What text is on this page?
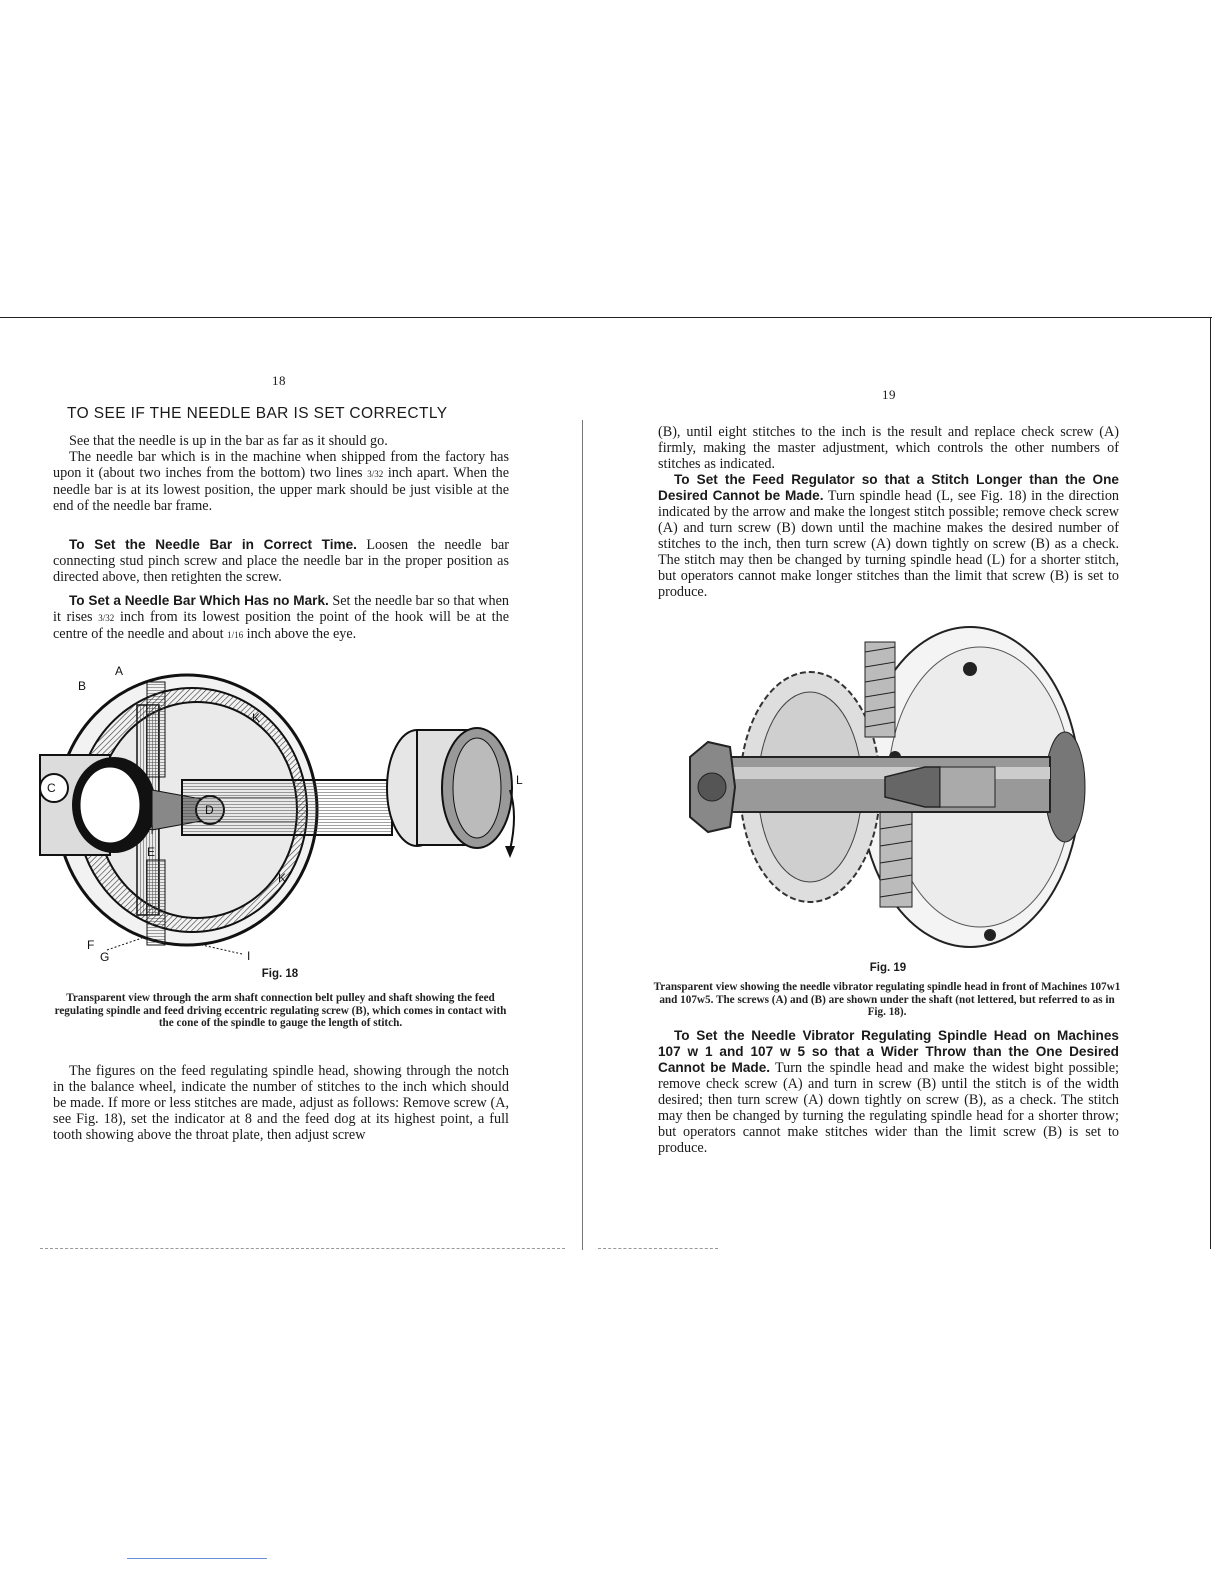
18
TO SEE IF THE NEEDLE BAR IS SET CORRECTLY

See that the needle is up in the bar as far as it should go.

The needle bar which is in the machine when shipped from the factory has upon it (about two inches from the bottom) two lines 3/32 inch apart. When the needle bar is at its lowest position, the upper mark should be just visible at the end of the needle bar frame.

To Set the Needle Bar in Correct Time. Loosen the needle bar connecting stud pinch screw and place the needle bar in the proper position as directed above, then retighten the screw.

To Set a Needle Bar Which Has no Mark. Set the needle bar so that when it rises 3/32 inch from its lowest position the point of the hook will be at the centre of the needle and about 1/16 inch above the eye.

A
B
C
D
E
F
G
H
I
K
K
L
Fig. 18
Transparent view through the arm shaft connection belt pulley and shaft showing the feed regulating spindle and feed driving eccentric regulating screw (B), which comes in contact with the cone of the spindle to gauge the length of stitch.

The figures on the feed regulating spindle head, showing through the notch in the balance wheel, indicate the number of stitches to the inch which should be made. If more or less stitches are made, adjust as follows: Remove screw (A, see Fig. 18), set the indicator at 8 and the feed dog at its highest point, a full tooth showing above the throat plate, then adjust screw

19

(B), until eight stitches to the inch is the result and replace check screw (A) firmly, making the master adjustment, which controls the other numbers of stitches as indicated.

To Set the Feed Regulator so that a Stitch Longer than the One Desired Cannot be Made. Turn spindle head (L, see Fig. 18) in the direction indicated by the arrow and make the longest stitch possible; remove check screw (A) and turn screw (B) down until the machine makes the desired number of stitches to the inch, then turn screw (A) down tightly on screw (B) as a check. The stitch may then be changed by turning spindle head (L) for a shorter stitch, but operators cannot make longer stitches than the limit that screw (B) is set to produce.

Fig. 19
Transparent view showing the needle vibrator regulating spindle head in front of Machines 107w1 and 107w5. The screws (A) and (B) are shown under the shaft (not lettered, but referred to as in Fig. 18).

To Set the Needle Vibrator Regulating Spindle Head on Machines 107 w 1 and 107 w 5 so that a Wider Throw than the One Desired Cannot be Made. Turn the spindle head and make the widest bight possible; remove check screw (A) and turn in screw (B) until the stitch is of the width desired; then turn screw (A) down tightly on screw (B), as a check. The stitch may then be changed by turning the regulating spindle head for a shorter throw; but operators cannot make stitches wider than the limit screw (B) is set to produce.
